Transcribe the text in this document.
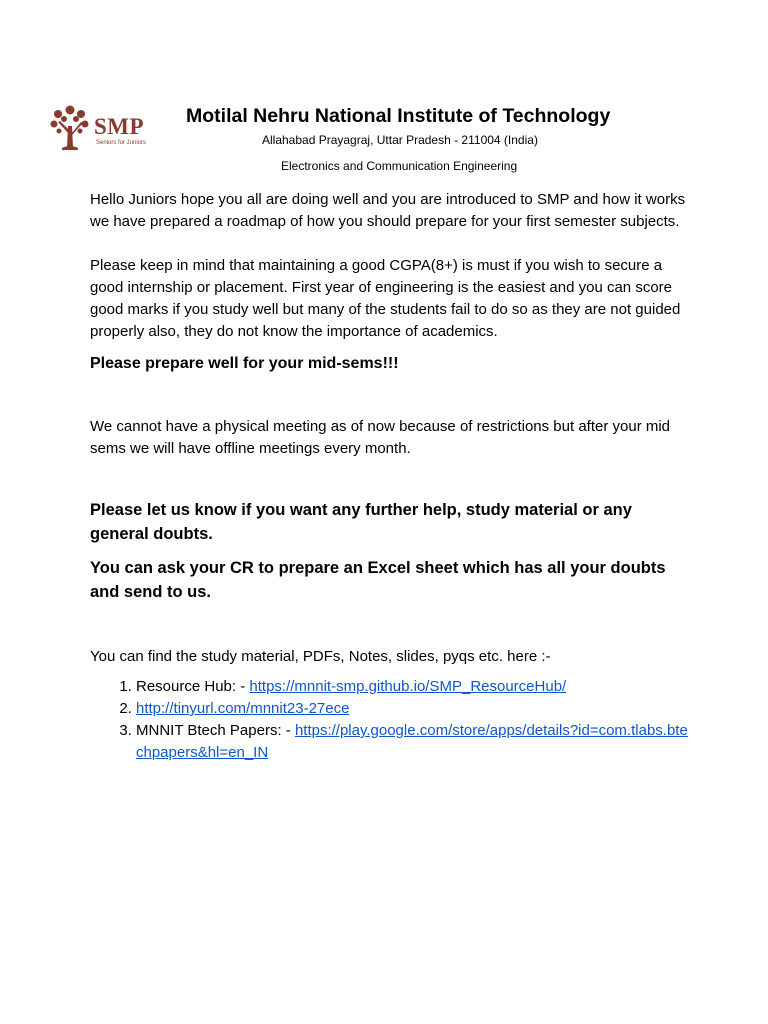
SMP
Seniors for Juniors
Motilal Nehru National Institute of Technology
Allahabad Prayagraj, Uttar Pradesh - 211004 (India)
Electronics and Communication Engineering

Hello Juniors hope you all are doing well and you are introduced to SMP and how it works we have prepared a roadmap of how you should prepare for your first semester subjects.

Please keep in mind that maintaining a good CGPA(8+) is must if you wish to secure a good internship or placement. First year of engineering is the easiest and you can score good marks if you study well but many of the students fail to do so as they are not guided properly also, they do not know the importance of academics.

Please prepare well for your mid-sems!!!

We cannot have a physical meeting as of now because of restrictions but after your mid sems we will have offline meetings every month.

Please let us know if you want any further help, study material or any general doubts.

You can ask your CR to prepare an Excel sheet which has all your doubts and send to us.

You can find the study material, PDFs, Notes, slides, pyqs etc. here :-

1. Resource Hub: - https://mnnit-smp.github.io/SMP_ResourceHub/
2. http://tinyurl.com/mnnit23-27ece
3. MNNIT Btech Papers: - https://play.google.com/store/apps/details?id=com.tlabs.btechpapers&hl=en_IN
